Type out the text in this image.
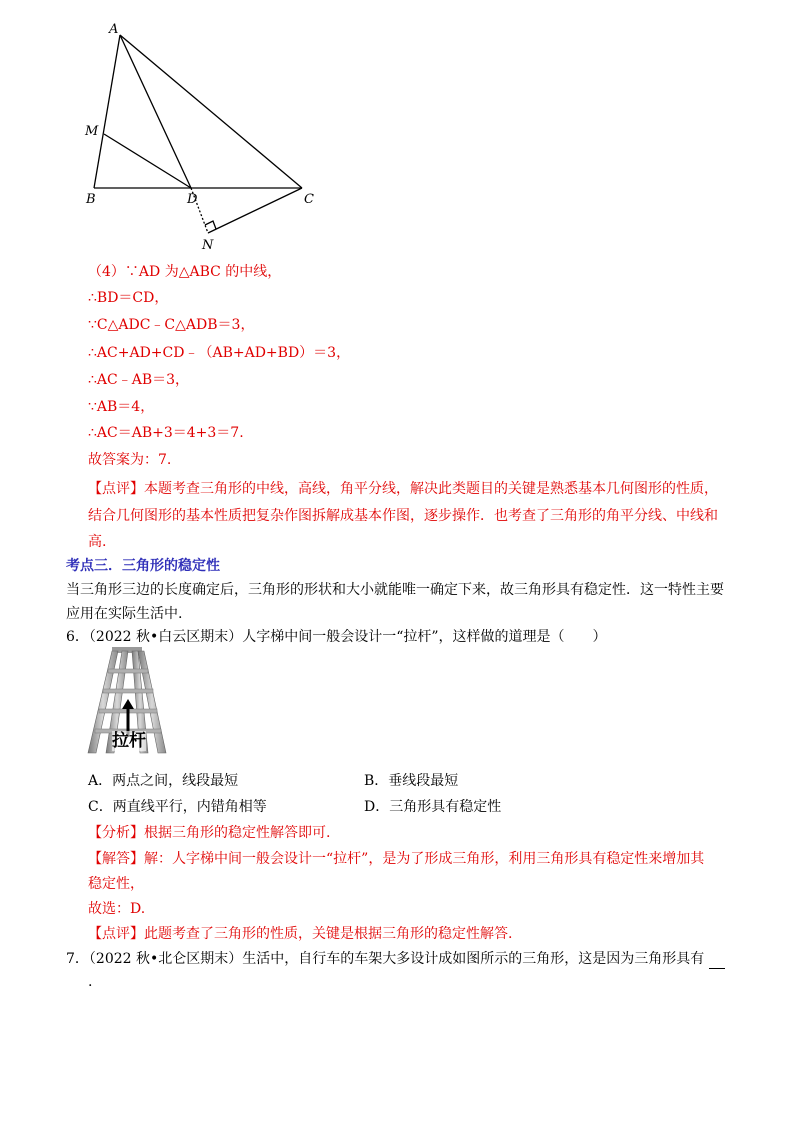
A
M
B	D	C
N
（4）∵AD 为△ABC 的中线，
∴BD＝CD，
∵C△ADC﹣C△ADB＝3，
∴AC+AD+CD﹣（AB+AD+BD）＝3，
∴AC﹣AB＝3，
∵AB＝4，
∴AC＝AB+3＝4+3＝7.
故答案为：7.
【点评】本题考查三角形的中线，高线，角平分线，解决此类题目的关键是熟悉基本几何图形的性质，
结合几何图形的基本性质把复杂作图拆解成基本作图，逐步操作．也考查了三角形的角平分线、中线和
高.
考点三．三角形的稳定性
当三角形三边的长度确定后，三角形的形状和大小就能唯一确定下来，故三角形具有稳定性．这一特性主要
应用在实际生活中.
6．（2022 秋•白云区期末）人字梯中间一般会设计一“拉杆”，这样做的道理是（　　）
拉杆
A．两点之间，线段最短	B．垂线段最短
C．两直线平行，内错角相等	D．三角形具有稳定性
【分析】根据三角形的稳定性解答即可.
【解答】解：人字梯中间一般会设计一“拉杆”，是为了形成三角形，利用三角形具有稳定性来增加其
稳定性，
故选：D.
【点评】此题考查了三角形的性质，关键是根据三角形的稳定性解答.
7．（2022 秋•北仑区期末）生活中，自行车的车架大多设计成如图所示的三角形，这是因为三角形具有
.
